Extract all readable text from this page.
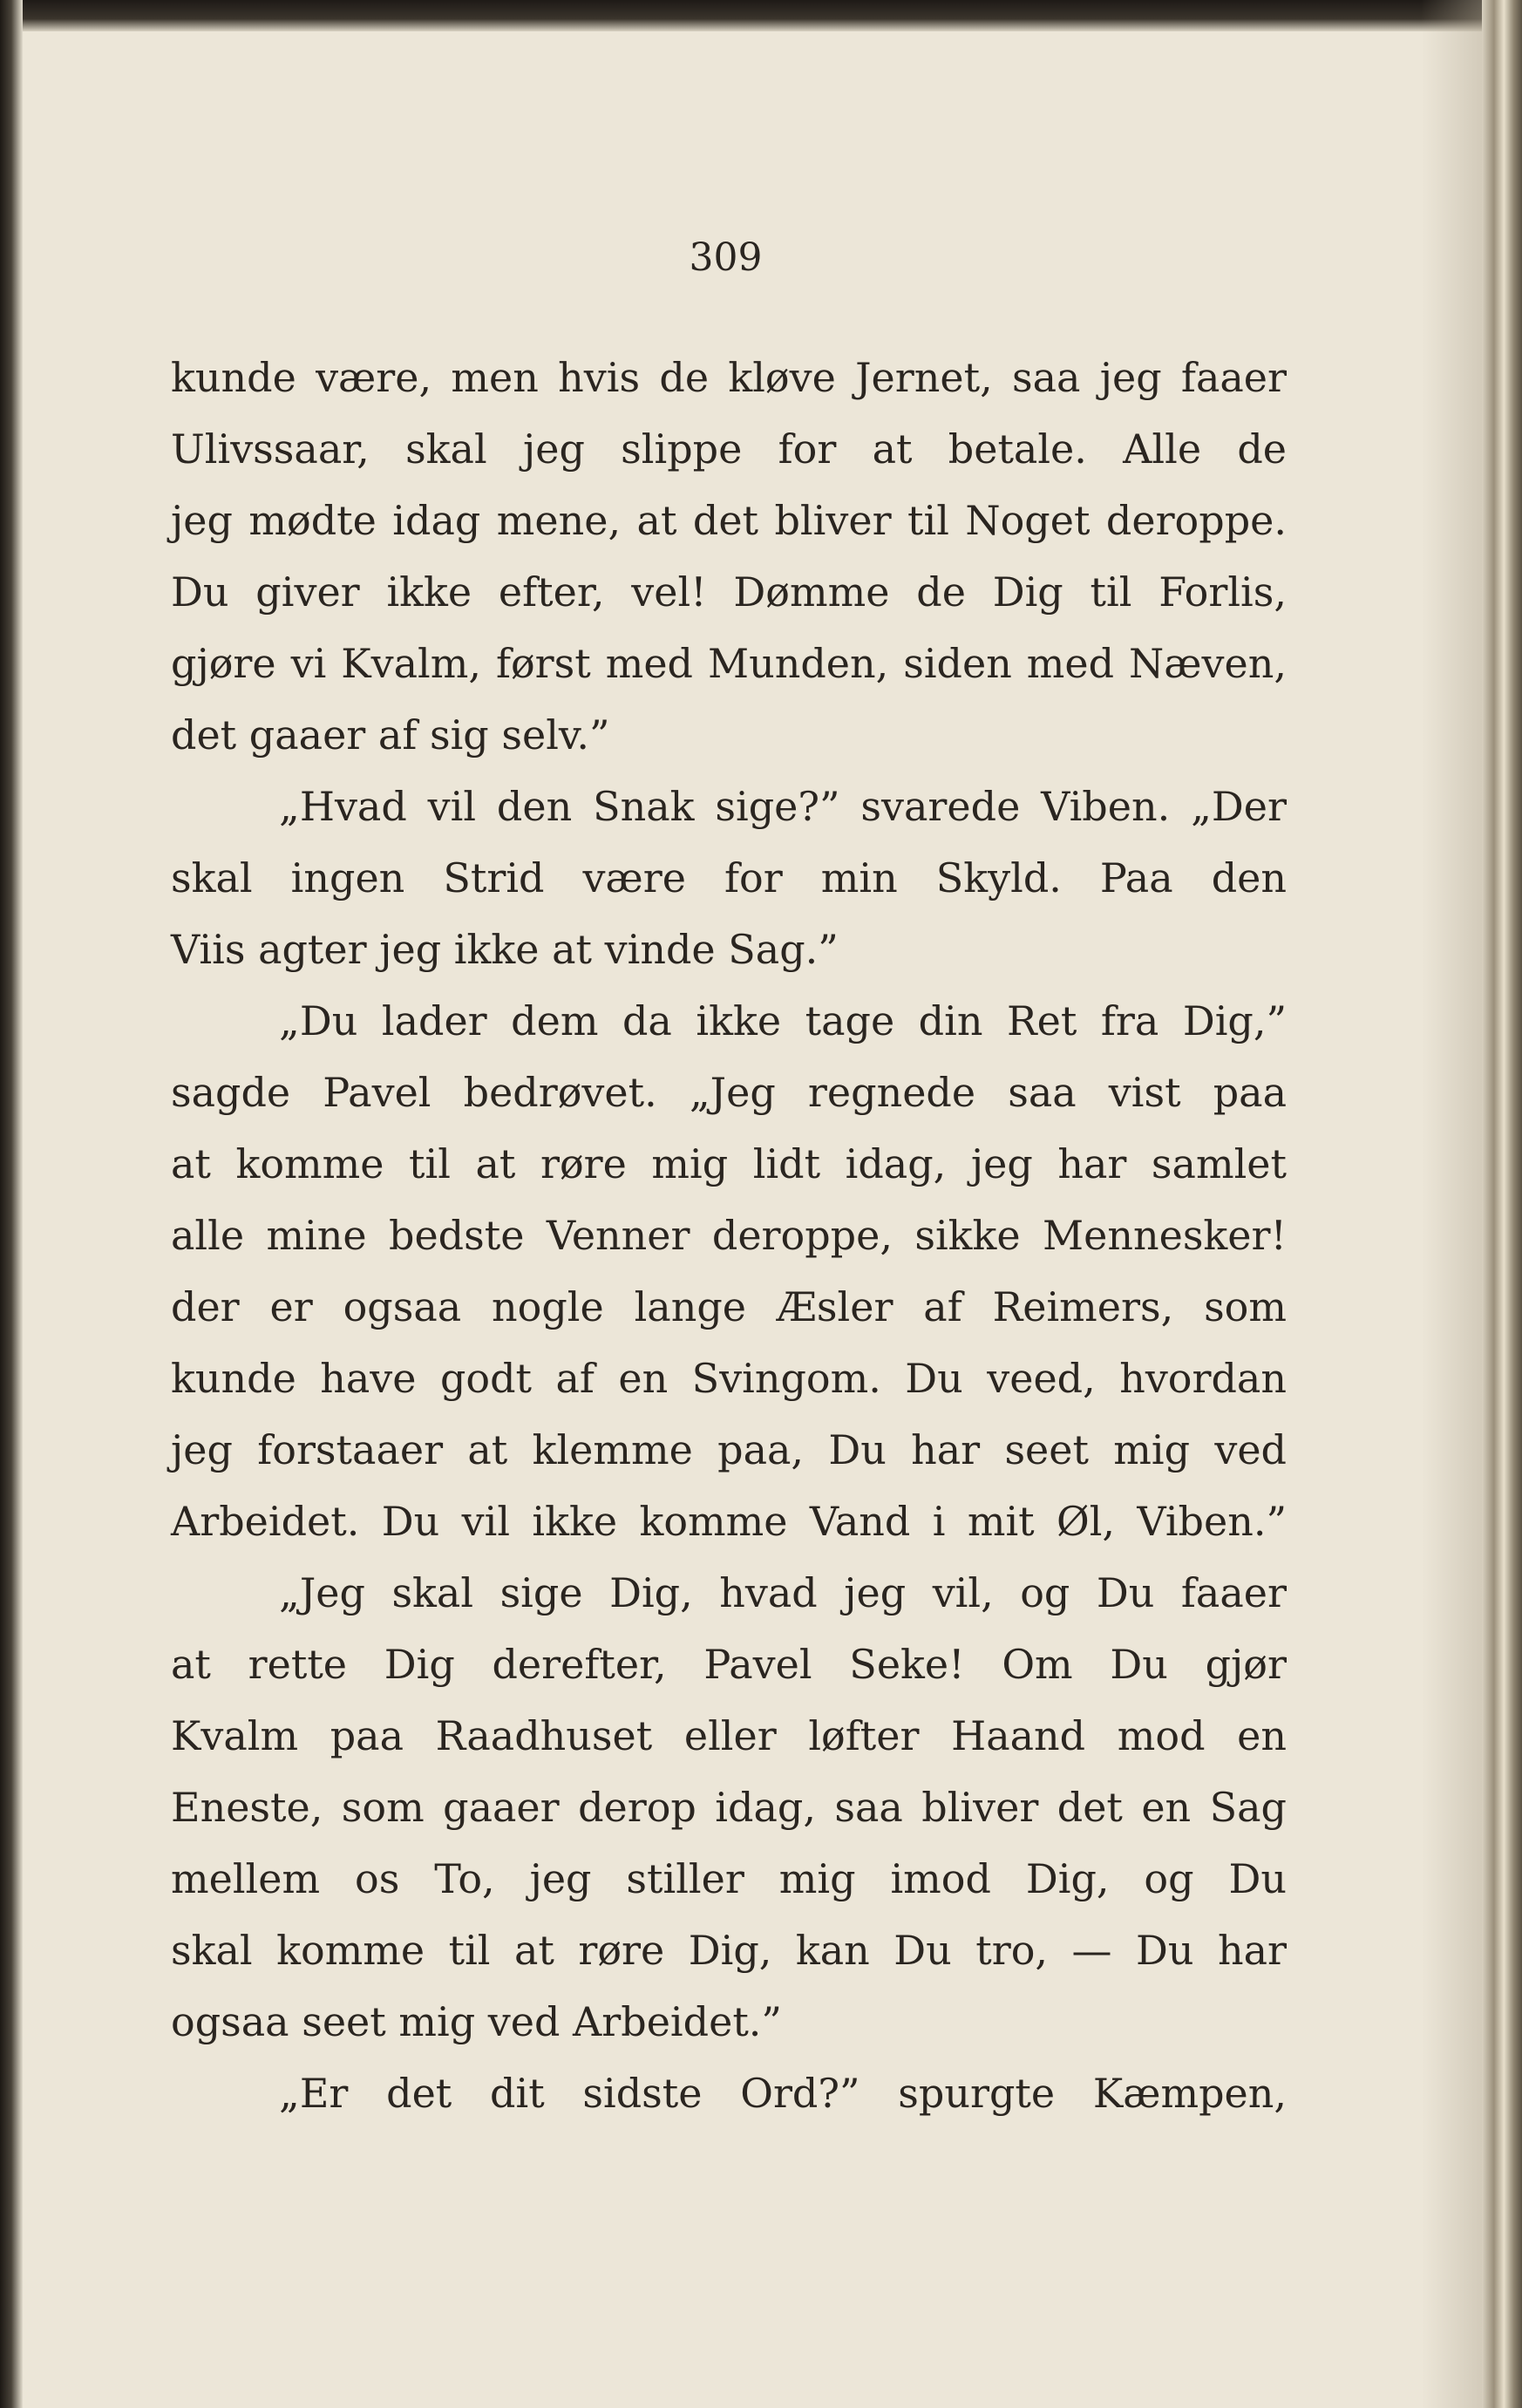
309
kunde være, men hvis de kløve Jernet, saa jeg faaer
Ulivssaar, skal jeg slippe for at betale. Alle de
jeg mødte idag mene, at det bliver til Noget deroppe.
Du giver ikke efter, vel! Dømme de Dig til Forlis,
gjøre vi Kvalm, først med Munden, siden med Næven,
det gaaer af sig selv.”
„Hvad vil den Snak sige?” svarede Viben. „Der
skal ingen Strid være for min Skyld. Paa den
Viis agter jeg ikke at vinde Sag.”
„Du lader dem da ikke tage din Ret fra Dig,”
sagde Pavel bedrøvet. „Jeg regnede saa vist paa
at komme til at røre mig lidt idag, jeg har samlet
alle mine bedste Venner deroppe, sikke Mennesker!
der er ogsaa nogle lange Æsler af Reimers, som
kunde have godt af en Svingom. Du veed, hvordan
jeg forstaaer at klemme paa, Du har seet mig ved
Arbeidet. Du vil ikke komme Vand i mit Øl, Viben.”
„Jeg skal sige Dig, hvad jeg vil, og Du faaer
at rette Dig derefter, Pavel Seke! Om Du gjør
Kvalm paa Raadhuset eller løfter Haand mod en
Eneste, som gaaer derop idag, saa bliver det en Sag
mellem os To, jeg stiller mig imod Dig, og Du
skal komme til at røre Dig, kan Du tro, — Du har
ogsaa seet mig ved Arbeidet.”
„Er det dit sidste Ord?” spurgte Kæmpen,
